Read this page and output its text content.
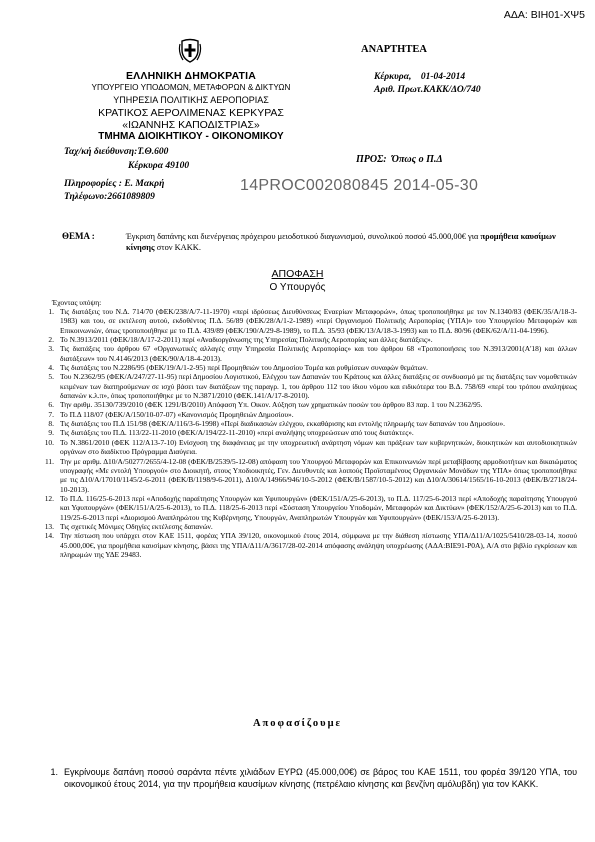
ΑΔΑ: ΒΙΗ01-ΧΨ5
ΕΛΛΗΝΙΚΗ ΔΗΜΟΚΡΑΤΙΑ
ΥΠΟΥΡΓΕΙΟ ΥΠΟΔΟΜΩΝ, ΜΕΤΑΦΟΡΩΝ & ΔΙΚΤΥΩΝ
ΥΠΗΡΕΣΙΑ ΠΟΛΙΤΙΚΗΣ ΑΕΡΟΠΟΡΙΑΣ
ΚΡΑΤΙΚΟΣ ΑΕΡΟΛΙΜΕΝΑΣ ΚΕΡΚΥΡΑΣ
«ΙΩΑΝΝΗΣ ΚΑΠΟΔΙΣΤΡΙΑΣ»
ΤΜΗΜΑ ΔΙΟΙΚΗΤΙΚΟΥ - ΟΙΚΟΝΟΜΙΚΟΥ
Ταχ/κή διεύθυνση:Τ.Θ.600
Κέρκυρα 49100
Πληροφορίες : Ε. Μακρή
Τηλέφωνο:2661089809
ΑΝΑΡΤΗΤΕΑ
Κέρκυρα,    01-04-2014
Αριθ. Πρωτ.ΚΑΚΚ/ΔΟ/740
ΠΡΟΣ:  Όπως ο Π.Δ
14PROC002080845 2014-05-30
ΘΕΜΑ :	Έγκριση δαπάνης και διενέργειας πρόχειρου μειοδοτικού διαγωνισμού, συνολικού ποσού 45.000,00€ για προμήθεια καυσίμων κίνησης στον ΚΑΚΚ.
ΑΠΟΦΑΣΗ
Ο Υπουργός
Έχοντας υπόψη:
1. Τις διατάξεις του Ν.Δ. 714/70 (ΦΕΚ/238/Α/7-11-1970) «περί ιδρύσεως Διευθύνσεως Εναερίων Μεταφορών», όπως τροποποιήθηκε με τον Ν.1340/83 (ΦΕΚ/35/Α/18-3-1983) και του, σε εκτέλεση αυτού, εκδοθέντος Π.Δ. 56/89 (ΦΕΚ/28/Α/1-2-1989) «περί Οργανισμού Πολιτικής Αεροπορίας (ΥΠΑ)» του Υπουργείου Μεταφορών και Επικοινωνιών, όπως τροποποιήθηκε με το Π.Δ. 439/89 (ΦΕΚ/190/Α/29-8-1989), το Π.Δ. 35/93 (ΦΕΚ/13/Α/18-3-1993) και το Π.Δ. 80/96 (ΦΕΚ/62/Α/11-04-1996).
2. Το Ν.3913/2011 (ΦΕΚ/18/Α/17-2-2011) περί «Αναδιοργάνωσης της Υπηρεσίας Πολιτικής Αεροπορίας και άλλες διατάξεις».
3. Τις διατάξεις του άρθρου 67 «Οργανωτικές αλλαγές στην Υπηρεσία Πολιτικής Αεροπορίας» και του άρθρου 68 «Τροποποιήσεις του Ν.3913/2001(Α'18) και άλλων διατάξεων» του Ν.4146/2013 (ΦΕΚ/90/Α/18-4-2013).
4. Τις διατάξεις του Ν.2286/95 (ΦΕΚ/19/Α/1-2-95) περί Προμηθειών του Δημοσίου Τομέα και ρυθμίσεων συναφών θεμάτων.
5. Του Ν.2362/95 (ΦΕΚ/Α/247/27-11-95) περί Δημοσίου Λογιστικού, Ελέγχου των Δαπανών του Κράτους και άλλες διατάξεις σε συνδυασμό με τις διατάξεις των νομοθετικών κειμένων των διατηρούμενων σε ισχύ βάσει των διατάξεων της παραγρ. 1, του άρθρου 112 του ίδιου νόμου και ειδικότερα του Β.Δ. 758/69 «περί του τρόπου αναληψεως δαπανών κ.λ.π», όπως τροποποιήθηκε με το Ν.3871/2010 (ΦΕΚ.141/Α/17-8-2010).
6. Την αριθμ. 35130/739/2010 (ΦΕΚ 1291/Β/2010) Απόφαση Υπ. Οικον. Αύξηση των χρηματικών ποσών του άρθρου 83 παρ. 1 του Ν.2362/95.
7. Το Π.Δ 118/07 (ΦΕΚ/Α/150/10-07-07) «Κανονισμός Προμηθειών Δημοσίου».
8. Τις διατάξεις του Π.Δ 151/98 (ΦΕΚ/Α/116/3-6-1998) «Περί διαδικασιών ελέγχου, εκκαθάρισης και εντολής πληρωμής των δαπανών του Δημοσίου».
9. Τις διατάξεις του Π.Δ. 113/22-11-2010 (ΦΕΚ/Α/194/22-11-2010) «περί αναλήψης υποχρεώσεων από τους διατάκτες».
10. Το Ν.3861/2010 (ΦΕΚ 112/Α13-7-10) Ενίσχυση της διαφάνειας με την υποχρεωτική ανάρτηση νόμων και πράξεων των κυβερνητικών, διοικητικών και αυτοδιοικητικών οργάνων στο διαδίκτυο Πρόγραμμα Διαύγεια.
11. Την με αριθμ. Δ10/Α/50277/2655/4-12-08 (ΦΕΚ/Β/2539/5-12-08) απόφαση του Υπουργού Μεταφορών και Επικοινωνιών περί μεταβίβασης αρμοδιοτήτων και δικαιώματος υπογραφής «Με εντολή Υπουργού» στο Διοικητή, στους Υποδιοικητές, Γεν. Διευθυντές και λοιπούς Προϊσταμένους Οργανικών Μονάδων της ΥΠΑ» όπως τροποποιήθηκε με τις Δ10/Α/17010/1145/2-6-2011 (ΦΕΚ/Β/1198/9-6-2011), Δ10/Α/14966/946/10-5-2012 (ΦΕΚ/Β/1587/10-5-2012) και Δ10/Α/30614/1565/16-10-2013 (ΦΕΚ/Β/2718/24-10-2013).
12. Το Π.Δ. 116/25-6-2013 περί «Αποδοχής παραίτησης Υπουργών και Υφυπουργών» (ΦΕΚ/151/Α/25-6-2013), το Π.Δ. 117/25-6-2013 περί «Αποδοχής παραίτησης Υπουργού και Υφυπουργών» (ΦΕΚ/151/Α/25-6-2013), το Π.Δ. 118/25-6-2013 περί «Σύσταση Υπουργείου Υποδομών, Μεταφορών και Δικτύων» (ΦΕΚ/152/Α/25-6-2013) και το Π.Δ. 119/25-6-2013 περί «Διορισμού Αναπληρώτου της Κυβέρνησης, Υπουργών, Αναπληρωτών Υπουργών και Υφυπουργών» (ΦΕΚ/153/Α/25-6-2013).
13. Τις σχετικές Μόνιμες Οδηγίες εκτέλεσης δαπανών.
14. Την πίστωση που υπάρχει στον ΚΑΕ 1511, φορέας ΥΠΑ 39/120, οικονομικού έτους 2014, σύμφωνα με την διάθεση πίστωσης ΥΠΑ/Δ11/Α/1025/5410/28-03-14, ποσού 45.000,00€, για προμήθεια καυσίμων κίνησης, βάσει της ΥΠΑ/Δ11/Α/3617/28-02-2014 απόφασης ανάληψη υποχρέωσης (ΑΔΑ:ΒΙΕ91-Ρ0Α), Α/Α στο βιβλίο εγκρίσεων και πληρωμών της ΥΔΕ 29483.
Αποφασίζουμε
1. Εγκρίνουμε δαπάνη ποσού σαράντα πέντε χιλιάδων ΕΥΡΩ (45.000,00€) σε βάρος του ΚΑΕ 1511, του φορέα 39/120 ΥΠΑ, του οικονομικού έτους 2014, για την προμήθεια καυσίμων κίνησης (πετρέλαιο κίνησης και βενζίνη αμόλυβδη) για τον ΚΑΚΚ.
